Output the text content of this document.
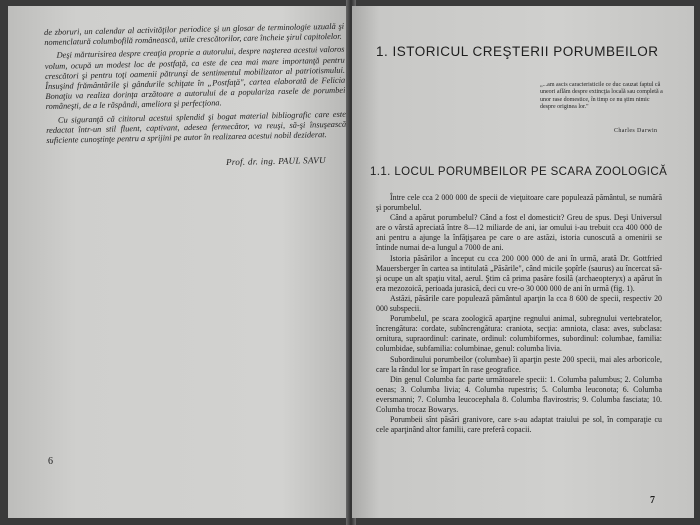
de zboruri, un calendar al activităţilor periodice şi un glosar de terminologie uzuală şi nomenclatură columbofilă românească, utile crescătorilor, care încheie şirul capitolelor.

Deşi mărturisirea despre creaţia proprie a autorului, despre naşterea acestui valoros volum, ocupă un modest loc de postfaţă, ca este de cea mai mare importanţă pentru crescători şi pentru toţi oamenii pătrunşi de sentimentul mobilizator al patriotismului. Însuşind frământările şi gândurile schiţate în „Postfaţă", cartea elaborată de Felicia Bonaţiu va realiza dorinţa arzătoare a autorului de a populariza rasele de porumbei româneşti, de a le răspândi, ameliora şi perfecţiona.

Cu siguranţă că cititorul acestui splendid şi bogat material bibliografic care este redactat într-un stil fluent, captivant, adesea fermecător, va reuşi, să-şi însuşească suficiente cunoştinţe pentru a sprijini pe autor în realizarea acestui nobil deziderat.

Prof. dr. ing. PAUL SAVU
6
1. ISTORICUL CREŞTERII PORUMBEILOR
„...am ascis caracteristicile ce duc cauzat faptul că uneori aflăm despre extincţia locală sau completă a unor rase domestice, în timp ce nu ştim nimic despre originea lor."
Charles Darwin
1.1. LOCUL PORUMBEILOR PE SCARA ZOOLOGICĂ

Între cele cca 2 000 000 de specii de vieţuitoare care populează pământul, se numără şi porumbelul.

Când a apărut porumbelul? Când a fost el domesticit? Greu de spus. Deşi Universul are o vârstă apreciată între 8—12 miliarde de ani, iar omului i-au trebuit cca 400 000 de ani pentru a ajunge la înfăţişarea pe care o are astăzi, istoria cunoscută a omenirii se întinde numai de-a lungul a 7000 de ani.

Istoria păsărilor a început cu cca 200 000 000 de ani în urmă, arată Dr. Gottfried Mauersberger în cartea sa intitulată „Păsările", când micile şopîrle (saurus) au încercat să-şi ocupe un alt spaţiu vital, aerul. Ştim că prima pasăre fosilă (archaeopteryx) a apărut în era mezozoică, perioada jurasică, deci cu vre-o 30 000 000 de ani în urmă (fig. 1).

Astăzi, păsările care populează pământul aparţin la cca 8 600 de specii, respectiv 20 000 subspecii.

Porumbelul, pe scara zoologică aparţine regnului animal, subregnului vertebratelor, încrengătura: cordate, subîncrengătura: craniota, secţia: amniota, clasa: aves, subclasa: ornitura, supraordinul: carinate, ordinul: columbiformes, subordinul: columbae, familia: columbidae, subfamilia: columbinae, genul: columba livia.

Subordinului porumbeilor (columbae) îi aparţin peste 200 specii, mai ales arboricole, care la rândul lor se împart în rase geografice.

Din genul Columba fac parte următoarele specii: 1. Columba palumbus; 2. Columba oenas; 3. Columba livia; 4. Columba rupestris; 5. Columba leuconota; 6. Columba eversmanni; 7. Columba leucocephala 8. Columba flavirostris; 9. Columba fasciata; 10. Columba trocaz Bowarys.

Porumbeii sînt păsări granivore, care s-au adaptat traiului pe sol, în comparaţie cu cele aparţinând altor familii, care preferă copacii.

7
